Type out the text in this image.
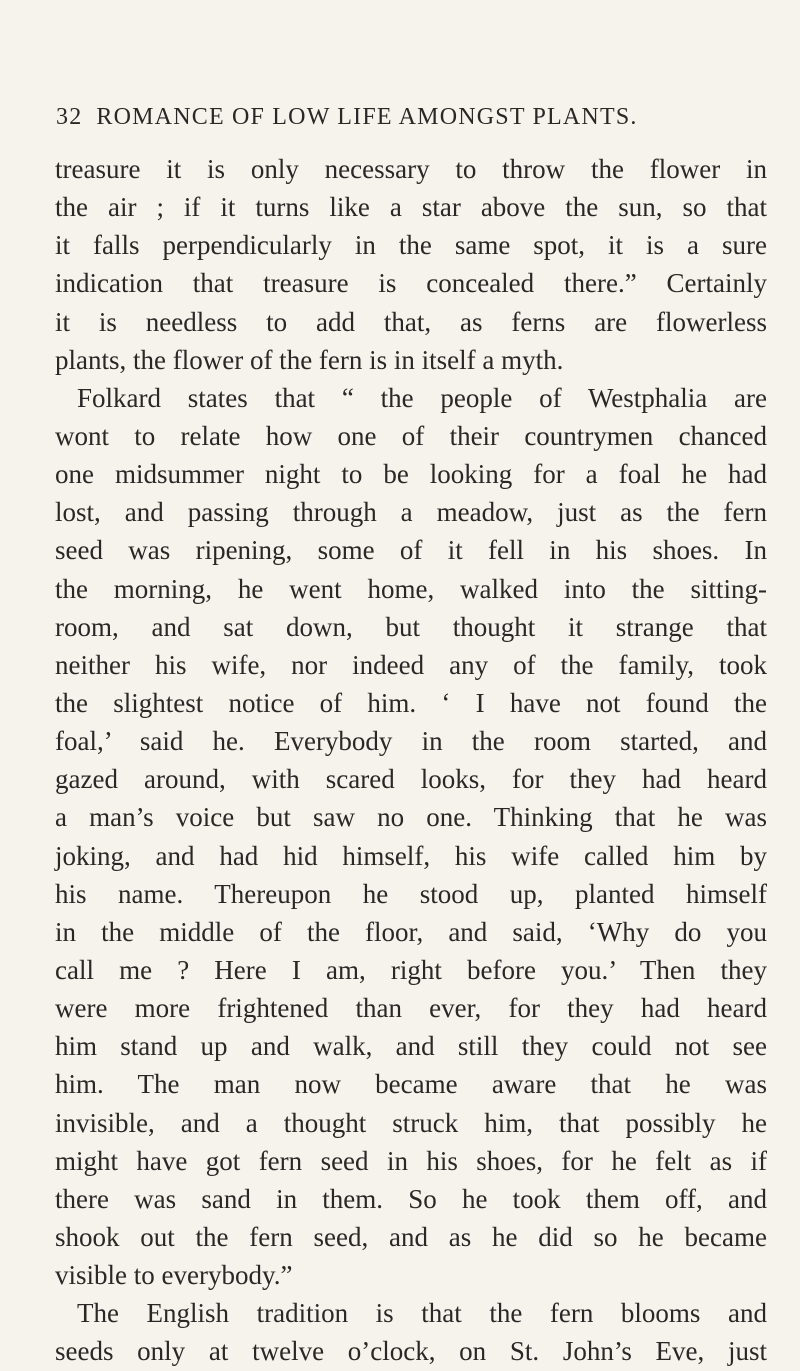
32 ROMANCE OF LOW LIFE AMONGST PLANTS.
treasure it is only necessary to throw the flower in
the air ; if it turns like a star above the sun, so that
it falls perpendicularly in the same spot, it is a sure
indication that treasure is concealed there.” Certainly
it is needless to add that, as ferns are flowerless
plants, the flower of the fern is in itself a myth.
Folkard states that “ the people of Westphalia are
wont to relate how one of their countrymen chanced
one midsummer night to be looking for a foal he had
lost, and passing through a meadow, just as the fern
seed was ripening, some of it fell in his shoes. In
the morning, he went home, walked into the sitting-
room, and sat down, but thought it strange that
neither his wife, nor indeed any of the family, took
the slightest notice of him. ‘ I have not found the
foal,’ said he. Everybody in the room started, and
gazed around, with scared looks, for they had heard
a man’s voice but saw no one. Thinking that he was
joking, and had hid himself, his wife called him by
his name. Thereupon he stood up, planted himself
in the middle of the floor, and said, ‘Why do you
call me ? Here I am, right before you.’ Then they
were more frightened than ever, for they had heard
him stand up and walk, and still they could not see
him. The man now became aware that he was
invisible, and a thought struck him, that possibly he
might have got fern seed in his shoes, for he felt as if
there was sand in them. So he took them off, and
shook out the fern seed, and as he did so he became
visible to everybody.”
The English tradition is that the fern blooms and
seeds only at twelve o’clock, on St. John’s Eve, just
